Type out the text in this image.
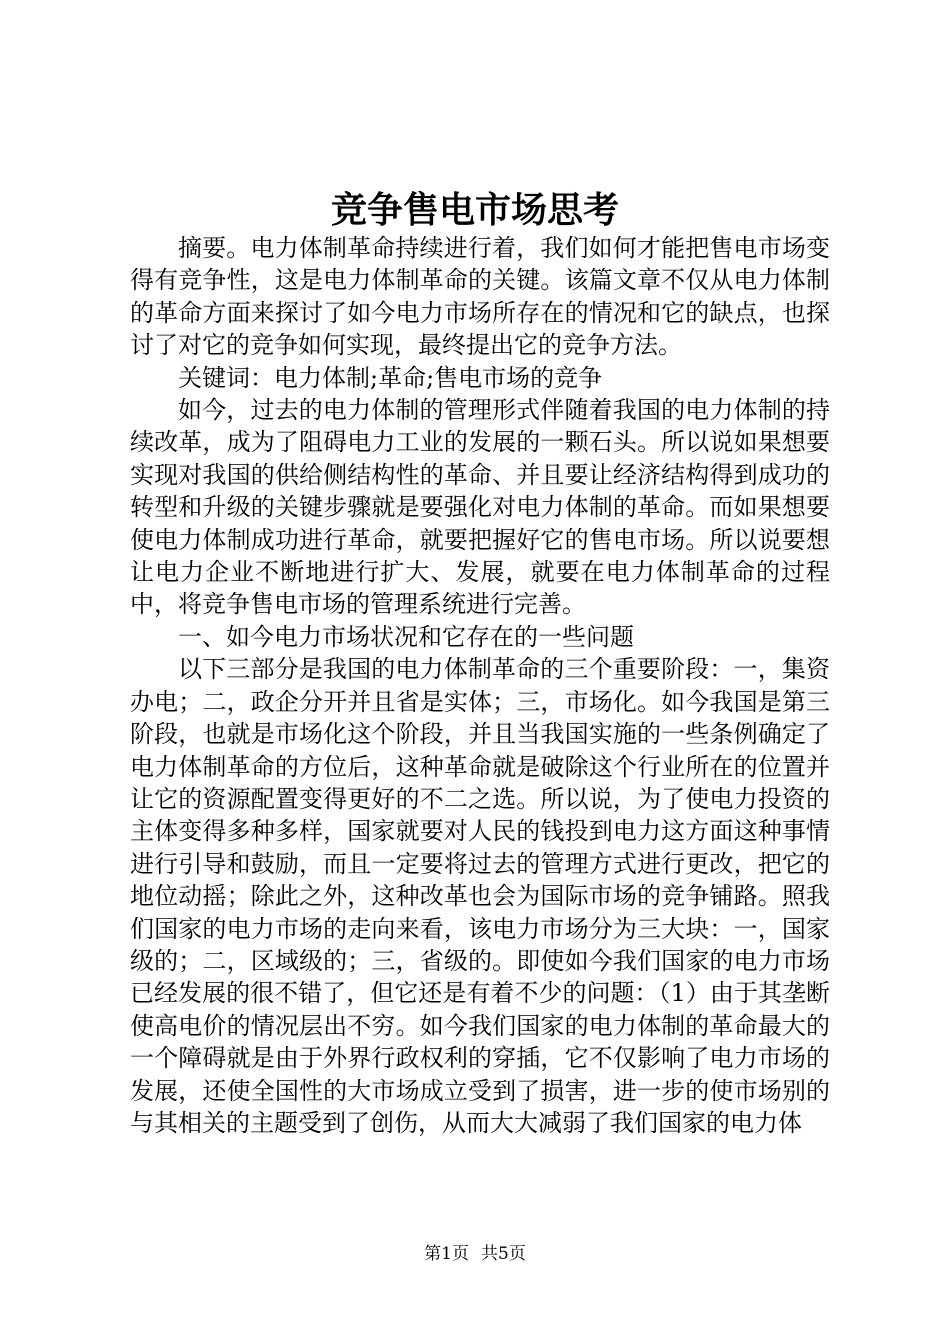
竞争售电市场思考

摘要。电力体制革命持续进行着，我们如何才能把售电市场变得有竞争性，这是电力体制革命的关键。该篇文章不仅从电力体制的革命方面来探讨了如今电力市场所存在的情况和它的缺点，也探讨了对它的竞争如何实现，最终提出它的竞争方法。

关键词：电力体制;革命;售电市场的竞争

如今，过去的电力体制的管理形式伴随着我国的电力体制的持续改革，成为了阻碍电力工业的发展的一颗石头。所以说如果想要实现对我国的供给侧结构性的革命、并且要让经济结构得到成功的转型和升级的关键步骤就是要强化对电力体制的革命。而如果想要使电力体制成功进行革命，就要把握好它的售电市场。所以说要想让电力企业不断地进行扩大、发展，就要在电力体制革命的过程中，将竞争售电市场的管理系统进行完善。

一、如今电力市场状况和它存在的一些问题

以下三部分是我国的电力体制革命的三个重要阶段：一，集资办电；二，政企分开并且省是实体；三，市场化。如今我国是第三阶段，也就是市场化这个阶段，并且当我国实施的一些条例确定了电力体制革命的方位后，这种革命就是破除这个行业所在的位置并让它的资源配置变得更好的不二之选。所以说，为了使电力投资的主体变得多种多样，国家就要对人民的钱投到电力这方面这种事情进行引导和鼓励，而且一定要将过去的管理方式进行更改，把它的地位动摇；除此之外，这种改革也会为国际市场的竞争铺路。照我们国家的电力市场的走向来看，该电力市场分为三大块：一，国家级的；二，区域级的；三，省级的。即使如今我们国家的电力市场已经发展的很不错了，但它还是有着不少的问题：（1）由于其垄断使高电价的情况层出不穷。如今我们国家的电力体制的革命最大的一个障碍就是由于外界行政权利的穿插，它不仅影响了电力市场的发展，还使全国性的大市场成立受到了损害，进一步的使市场别的与其相关的主题受到了创伤，从而大大减弱了我们国家的电力体

第1页 共5页
